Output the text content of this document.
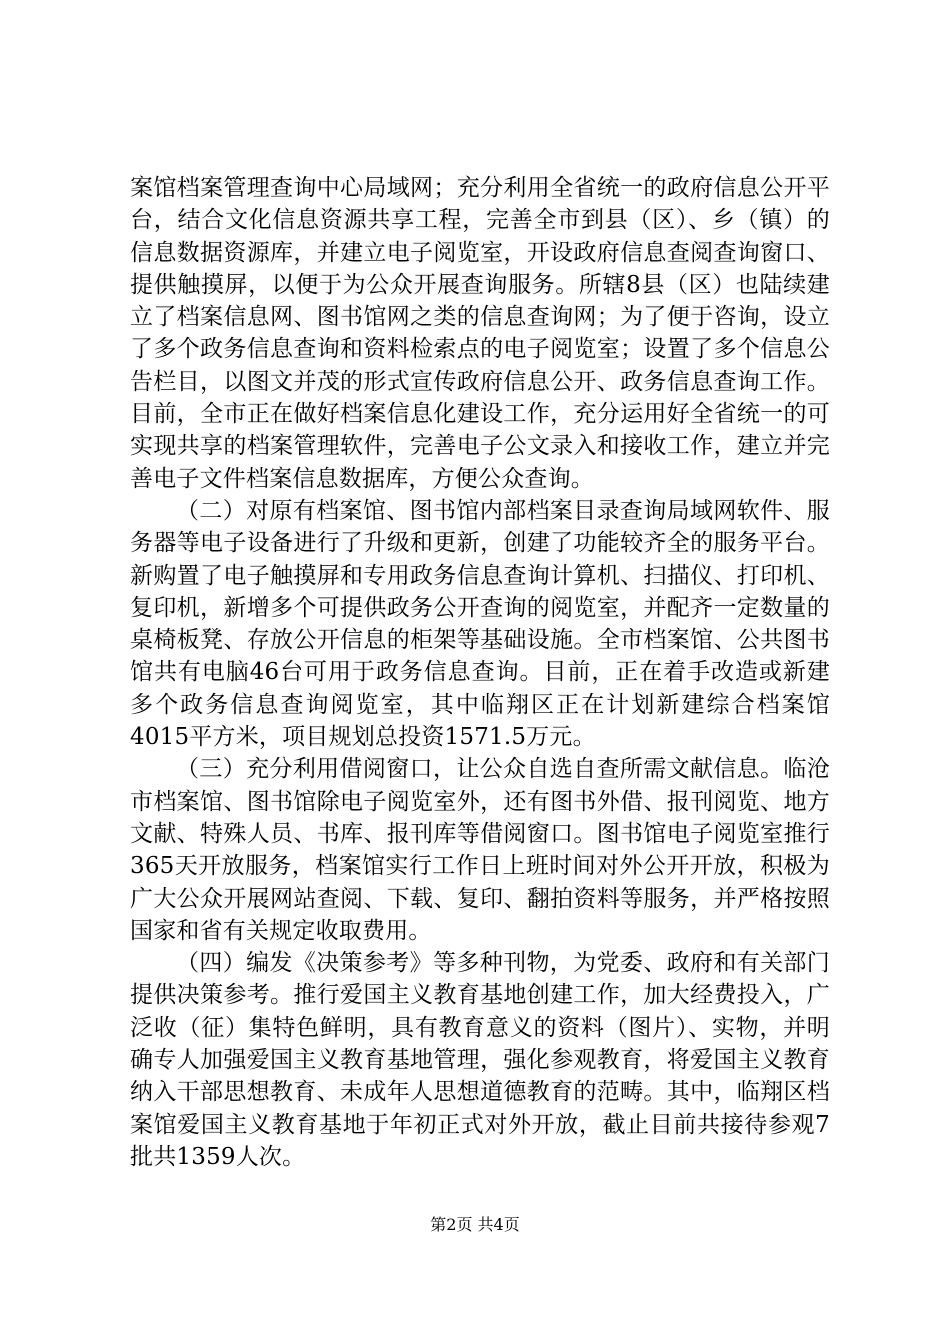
案馆档案管理查询中心局域网；充分利用全省统一的政府信息公开平台，结合文化信息资源共享工程，完善全市到县（区）、乡（镇）的信息数据资源库，并建立电子阅览室，开设政府信息查阅查询窗口、提供触摸屏，以便于为公众开展查询服务。所辖8县（区）也陆续建立了档案信息网、图书馆网之类的信息查询网；为了便于咨询，设立了多个政务信息查询和资料检索点的电子阅览室；设置了多个信息公告栏目，以图文并茂的形式宣传政府信息公开、政务信息查询工作。目前，全市正在做好档案信息化建设工作，充分运用好全省统一的可实现共享的档案管理软件，完善电子公文录入和接收工作，建立并完善电子文件档案信息数据库，方便公众查询。

（二）对原有档案馆、图书馆内部档案目录查询局域网软件、服务器等电子设备进行了升级和更新，创建了功能较齐全的服务平台。新购置了电子触摸屏和专用政务信息查询计算机、扫描仪、打印机、复印机，新增多个可提供政务公开查询的阅览室，并配齐一定数量的桌椅板凳、存放公开信息的柜架等基础设施。全市档案馆、公共图书馆共有电脑46台可用于政务信息查询。目前，正在着手改造或新建多个政务信息查询阅览室，其中临翔区正在计划新建综合档案馆4015平方米，项目规划总投资1571.5万元。

（三）充分利用借阅窗口，让公众自选自查所需文献信息。临沧市档案馆、图书馆除电子阅览室外，还有图书外借、报刊阅览、地方文献、特殊人员、书库、报刊库等借阅窗口。图书馆电子阅览室推行365天开放服务，档案馆实行工作日上班时间对外公开开放，积极为广大公众开展网站查阅、下载、复印、翻拍资料等服务，并严格按照国家和省有关规定收取费用。

（四）编发《决策参考》等多种刊物，为党委、政府和有关部门提供决策参考。推行爱国主义教育基地创建工作，加大经费投入，广泛收（征）集特色鲜明，具有教育意义的资料（图片）、实物，并明确专人加强爱国主义教育基地管理，强化参观教育，将爱国主义教育纳入干部思想教育、未成年人思想道德教育的范畴。其中，临翔区档案馆爱国主义教育基地于年初正式对外开放，截止目前共接待参观7批共1359人次。

第2页 共4页
